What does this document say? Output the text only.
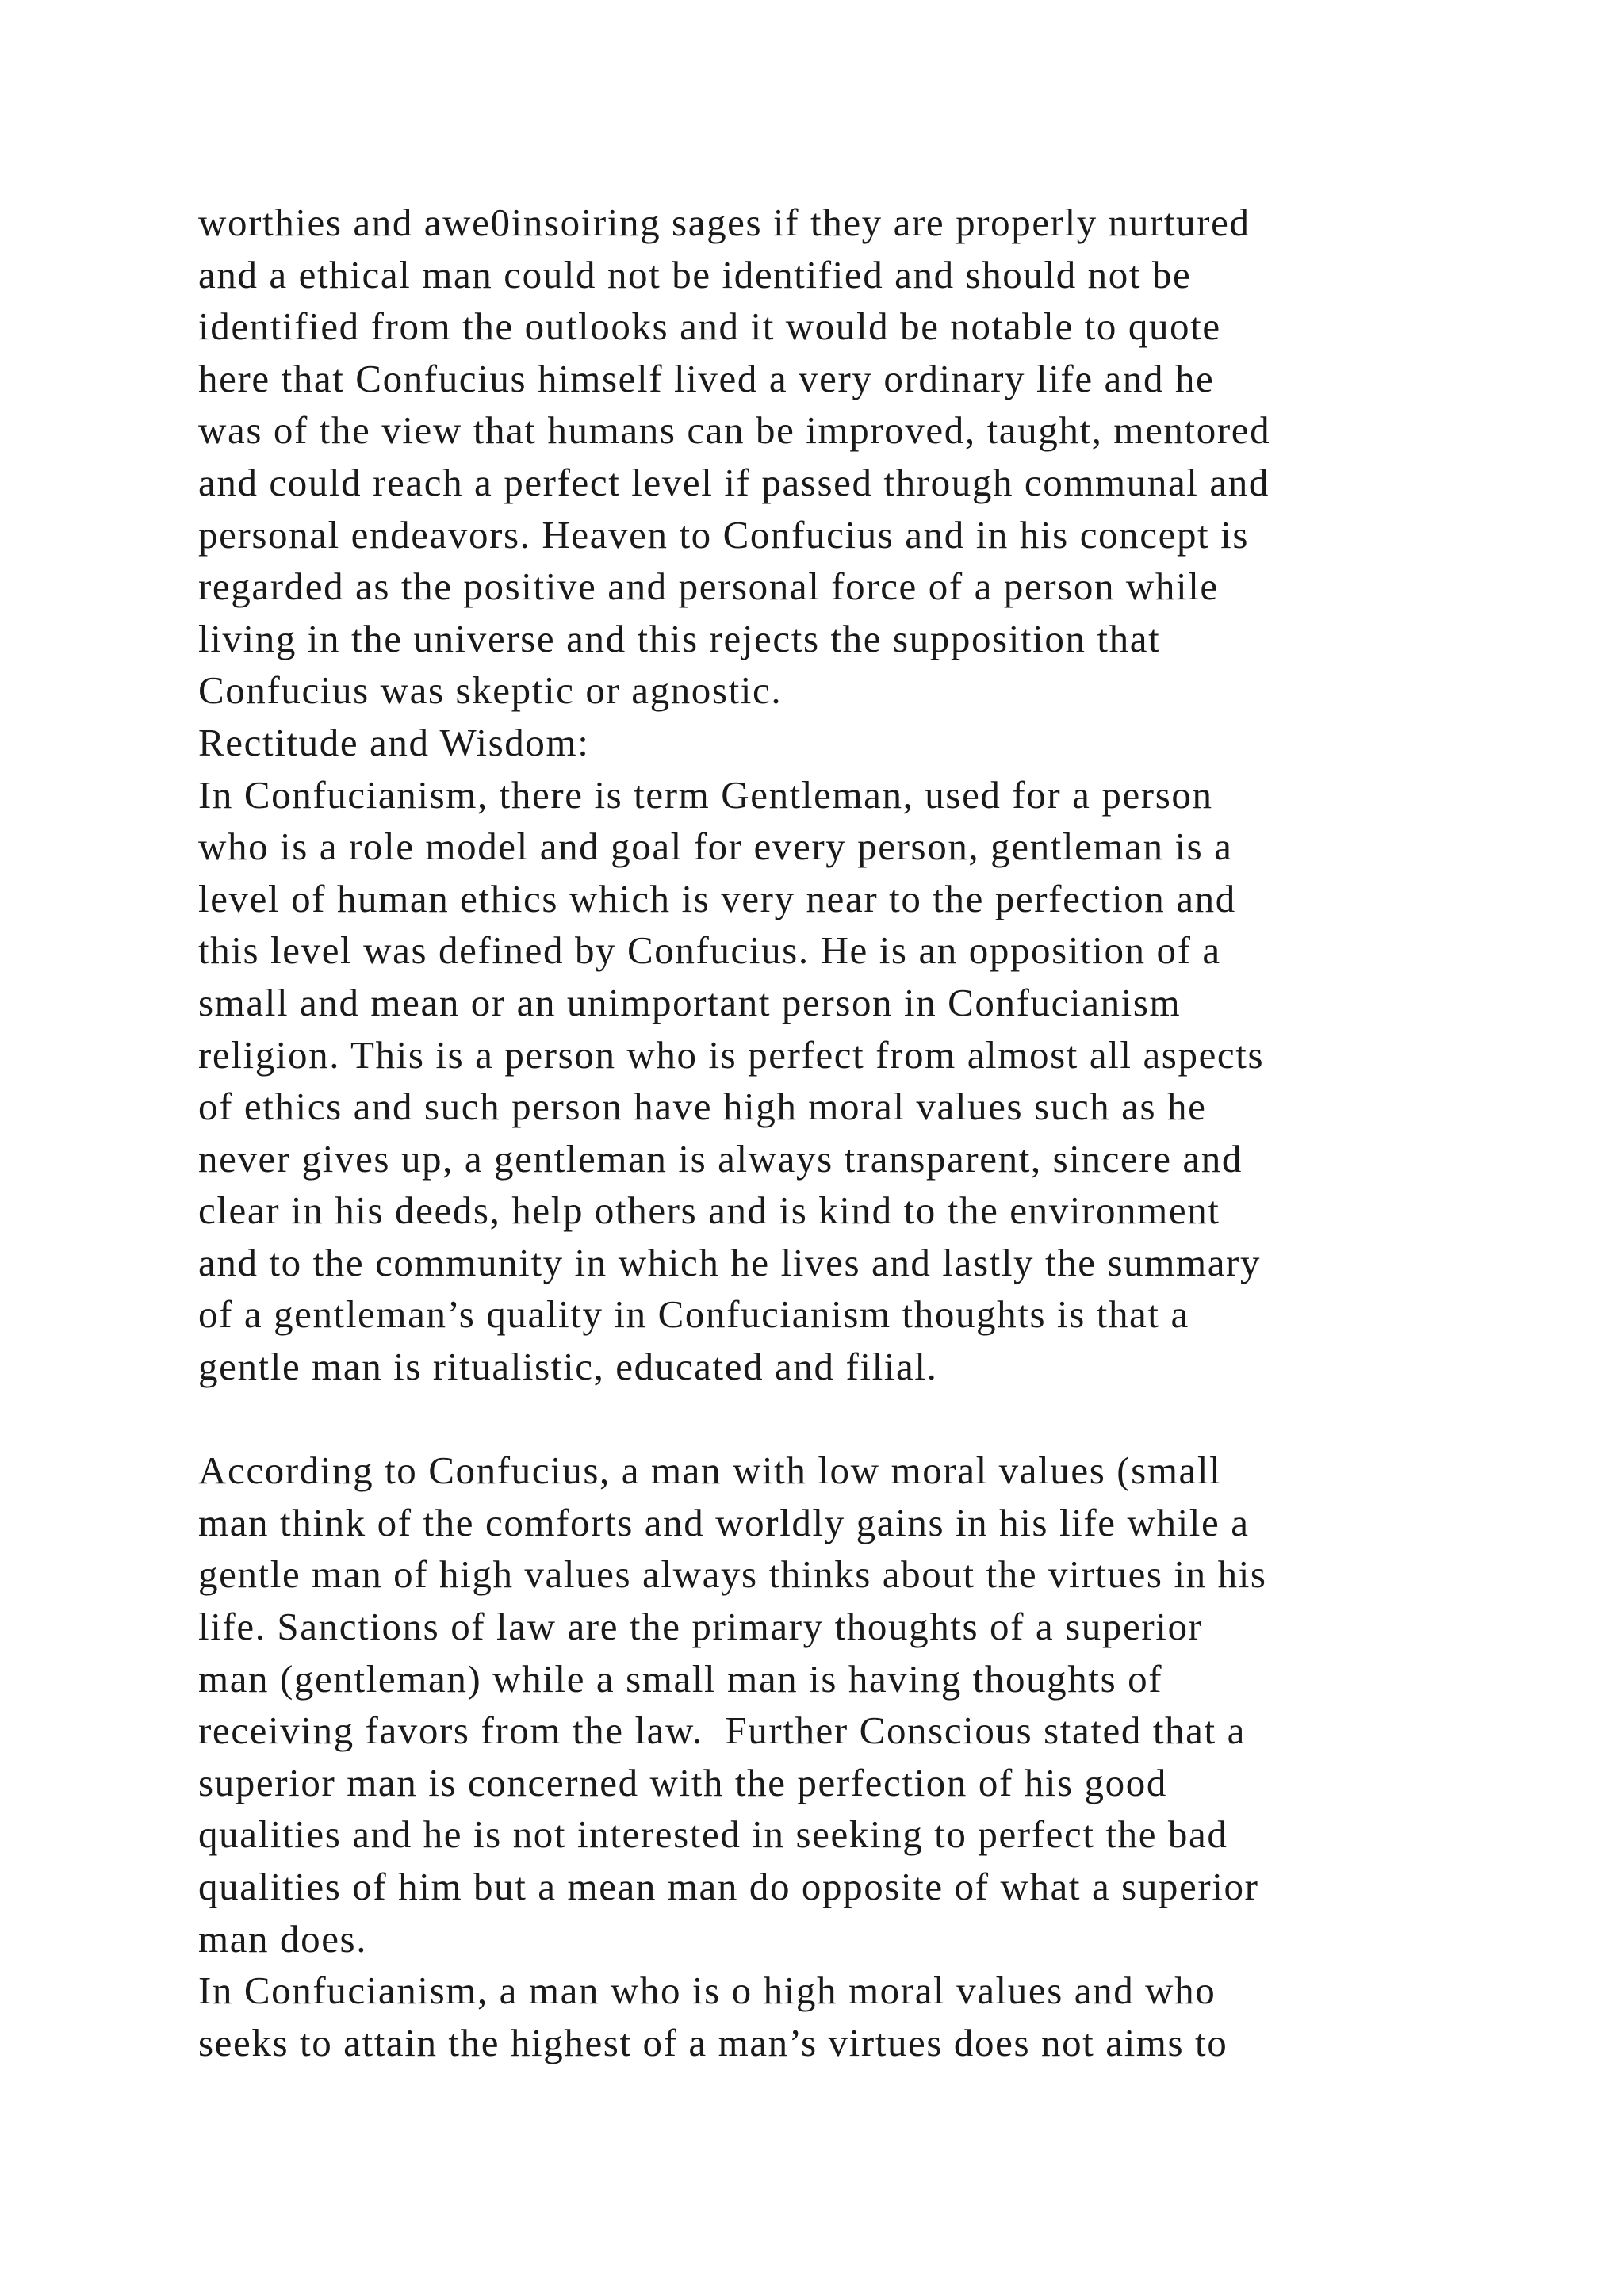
worthies and awe0insoiring sages if they are properly nurtured
and a ethical man could not be identified and should not be
identified from the outlooks and it would be notable to quote
here that Confucius himself lived a very ordinary life and he
was of the view that humans can be improved, taught, mentored
and could reach a perfect level if passed through communal and
personal endeavors. Heaven to Confucius and in his concept is
regarded as the positive and personal force of a person while
living in the universe and this rejects the supposition that
Confucius was skeptic or agnostic.
Rectitude and Wisdom:
In Confucianism, there is term Gentleman, used for a person
who is a role model and goal for every person, gentleman is a
level of human ethics which is very near to the perfection and
this level was defined by Confucius. He is an opposition of a
small and mean or an unimportant person in Confucianism
religion. This is a person who is perfect from almost all aspects
of ethics and such person have high moral values such as he
never gives up, a gentleman is always transparent, sincere and
clear in his deeds, help others and is kind to the environment
and to the community in which he lives and lastly the summary
of a gentleman’s quality in Confucianism thoughts is that a
gentle man is ritualistic, educated and filial.
According to Confucius, a man with low moral values (small
man think of the comforts and worldly gains in his life while a
gentle man of high values always thinks about the virtues in his
life. Sanctions of law are the primary thoughts of a superior
man (gentleman) while a small man is having thoughts of
receiving favors from the law.  Further Conscious stated that a
superior man is concerned with the perfection of his good
qualities and he is not interested in seeking to perfect the bad
qualities of him but a mean man do opposite of what a superior
man does.
In Confucianism, a man who is o high moral values and who
seeks to attain the highest of a man’s virtues does not aims to
